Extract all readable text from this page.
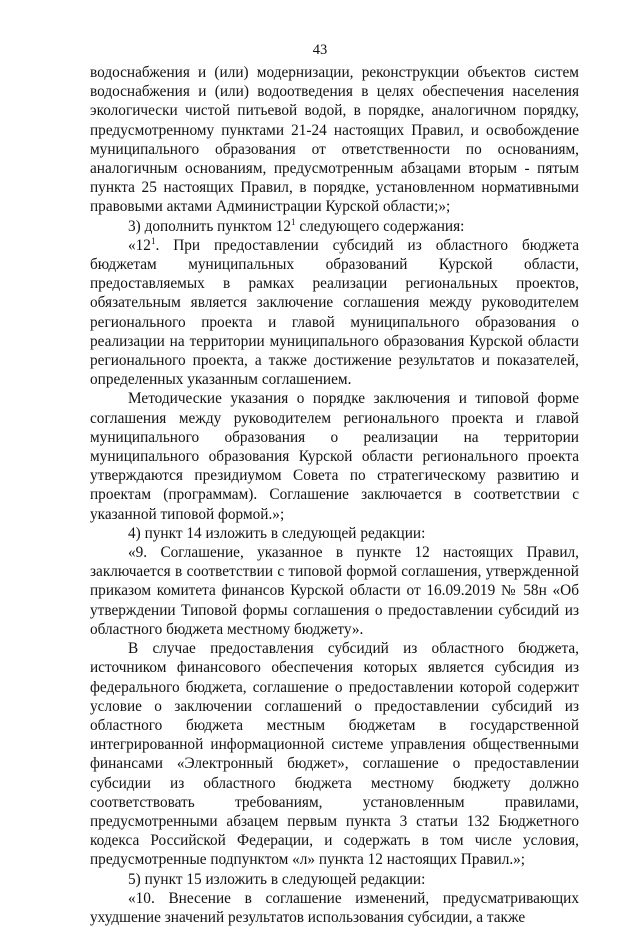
43

водоснабжения и (или) модернизации, реконструкции объектов систем водоснабжения и (или) водоотведения в целях обеспечения населения экологически чистой питьевой водой, в порядке, аналогичном порядку, предусмотренному пунктами 21-24 настоящих Правил, и освобождение муниципального образования от ответственности по основаниям, аналогичным основаниям, предусмотренным абзацами вторым - пятым пункта 25 настоящих Правил, в порядке, установленном нормативными правовыми актами Администрации Курской области;»;

3) дополнить пунктом $12^1$ следующего содержания:

«$12^1$. При предоставлении субсидий из областного бюджета бюджетам муниципальных образований Курской области, предоставляемых в рамках реализации региональных проектов, обязательным является заключение соглашения между руководителем регионального проекта и главой муниципального образования о реализации на территории муниципального образования Курской области регионального проекта, а также достижение результатов и показателей, определенных указанным соглашением.

Методические указания о порядке заключения и типовой форме соглашения между руководителем регионального проекта и главой муниципального образования о реализации на территории муниципального образования Курской области регионального проекта утверждаются президиумом Совета по стратегическому развитию и проектам (программам). Соглашение заключается в соответствии с указанной типовой формой.»;

4) пункт 14 изложить в следующей редакции:

«9. Соглашение, указанное в пункте 12 настоящих Правил, заключается в соответствии с типовой формой соглашения, утвержденной приказом комитета финансов Курской области от 16.09.2019 № 58н «Об утверждении Типовой формы соглашения о предоставлении субсидий из областного бюджета местному бюджету».

В случае предоставления субсидий из областного бюджета, источником финансового обеспечения которых является субсидия из федерального бюджета, соглашение о предоставлении которой содержит условие о заключении соглашений о предоставлении субсидий из областного бюджета местным бюджетам в государственной интегрированной информационной системе управления общественными финансами «Электронный бюджет», соглашение о предоставлении субсидии из областного бюджета местному бюджету должно соответствовать требованиям, установленным правилами, предусмотренными абзацем первым пункта 3 статьи 132 Бюджетного кодекса Российской Федерации, и содержать в том числе условия, предусмотренные подпунктом «л» пункта 12 настоящих Правил.»;

5) пункт 15 изложить в следующей редакции:

«10. Внесение в соглашение изменений, предусматривающих ухудшение значений результатов использования субсидии, а также
